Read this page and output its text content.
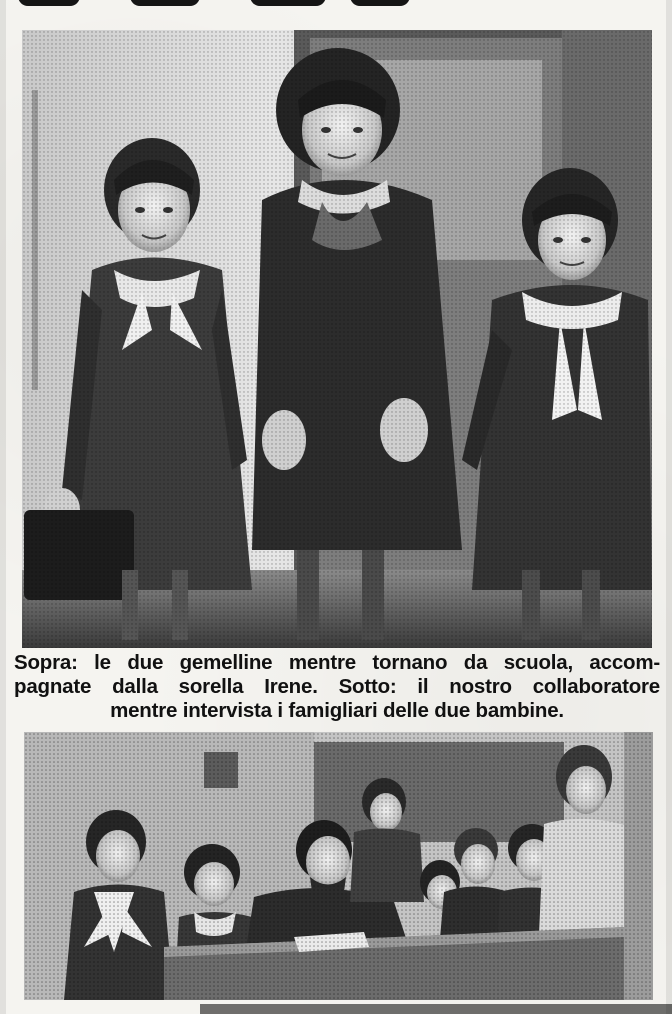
Sopra: le due gemelline mentre tornano da scuola, accom-
pagnate dalla sorella Irene. Sotto: il nostro collaboratore
mentre intervista i famigliari delle due bambine.
